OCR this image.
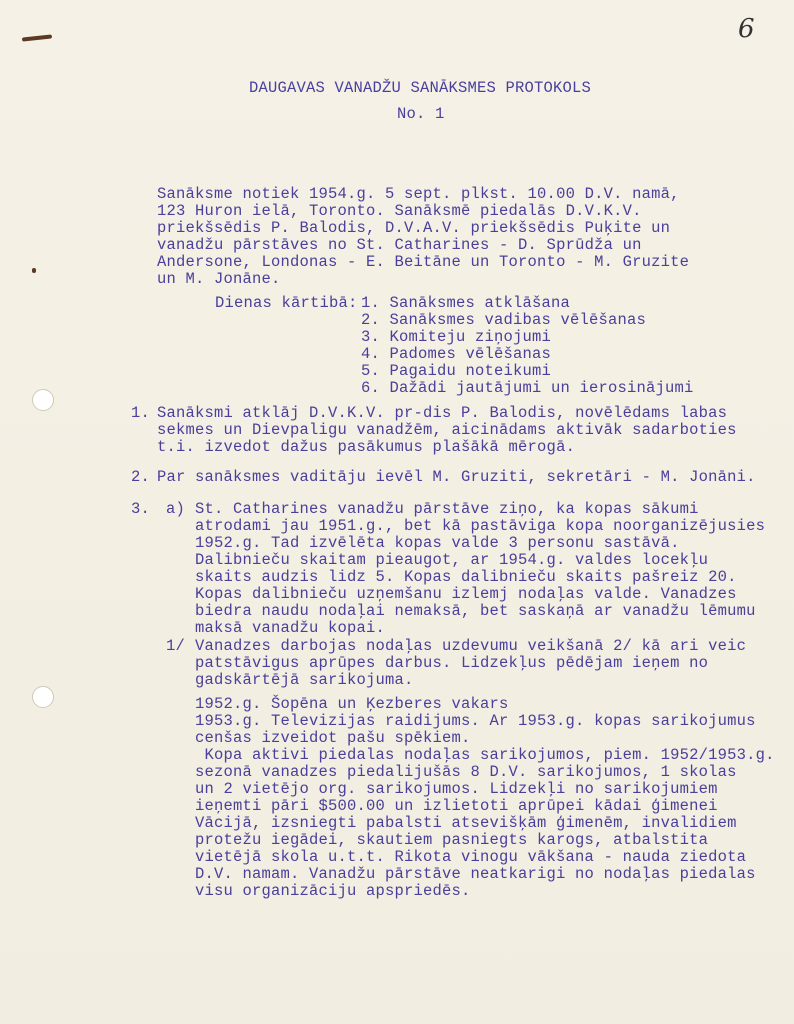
6
DAUGAVAS VANADŽU SANĀKSMES PROTOKOLS
No. 1
Sanāksme notiek 1954.g. 5 sept. plkst. 10.00 D.V. namā,
123 Huron ielā, Toronto. Sanāksmē piedalās D.V.K.V.
priekšsēdis P. Balodis, D.V.A.V. priekšsēdis Puķite un
vanadžu pārstāves no St. Catharines - D. Sprūdža un
Andersone, Londonas - E. Beitāne un Toronto - M. Gruzite
un M. Jonāne.
Dienas kārtibā: 1. Sanāksmes atklāšana
2. Sanāksmes vadibas vēlēšanas
3. Komiteju ziņojumi
4. Padomes vēlēšanas
5. Pagaidu noteikumi
6. Dažādi jautājumi un ierosinājumi
1. Sanāksmi atklāj D.V.K.V. pr-dis P. Balodis, novēlēdams labas
sekmes un Dievpaligu vanadžēm, aicinādams aktivāk sadarboties
t.i. izvedot dažus pasākumus plašākā mērogā.
2. Par sanāksmes vaditāju ievēl M. Gruziti, sekretāri - M. Jonāni.
3. a) St. Catharines vanadžu pārstāve ziņo, ka kopas sākumi
atrodami jau 1951.g., bet kā pastāviga kopa noorganizējusies
1952.g. Tad izvēlēta kopas valde 3 personu sastāvā.
Dalibnieču skaitam pieaugot, ar 1954.g. valdes locekļu
skaits audzis lidz 5. Kopas dalibnieču skaits pašreiz 20.
Kopas dalibnieču uzņemšanu izlemj nodaļas valde. Vanadzes
biedra naudu nodaļai nemaksā, bet saskaņā ar vanadžu lēmumu
maksā vanadžu kopai.
1/ Vanadzes darbojas nodaļas uzdevumu veikšanā 2/ kā ari veic
patstāvigus aprūpes darbus. Lidzekļus pēdējam ieņem no
gadskārtējā sarikojuma.
1952.g. Šopēna un Ķezberes vakars
1953.g. Televizijas raidijums. Ar 1953.g. kopas sarikojumus
cenšas izveidot pašu spēkiem.
Kopa aktivi piedalas nodaļas sarikojumos, piem. 1952/1953.g.
sezonā vanadzes piedalijušās 8 D.V. sarikojumos, 1 skolas
un 2 vietējo org. sarikojumos. Lidzekļi no sarikojumiem
ieņemti pāri $500.00 un izlietoti aprūpei kādai ģimenei
Vācijā, izsniegti pabalsti atsevišķām ģimenēm, invalidiem
protežu iegādei, skautiem pasniegts karogs, atbalstita
vietējā skola u.t.t. Rikota vinogu vākšana - nauda ziedota
D.V. namam. Vanadžu pārstāve neatkarigi no nodaļas piedalas
visu organizāciju apspriedēs.
